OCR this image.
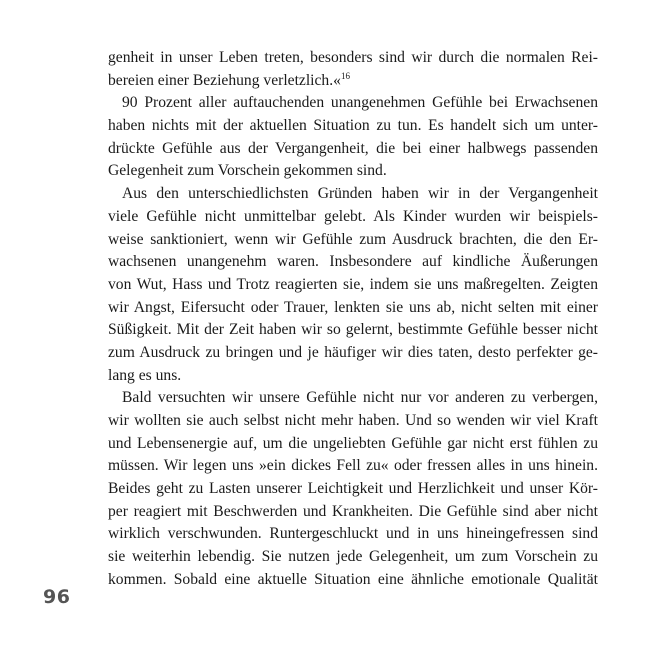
genheit in unser Leben treten, besonders sind wir durch die normalen Rei-
bereien einer Beziehung verletzlich.«$^{16}$
90 Prozent aller auftauchenden unangenehmen Gefühle bei Erwachsenen
haben nichts mit der aktuellen Situation zu tun. Es handelt sich um unter-
drückte Gefühle aus der Vergangenheit, die bei einer halbwegs passenden
Gelegenheit zum Vorschein gekommen sind.
Aus den unterschiedlichsten Gründen haben wir in der Vergangenheit
viele Gefühle nicht unmittelbar gelebt. Als Kinder wurden wir beispiels-
weise sanktioniert, wenn wir Gefühle zum Ausdruck brachten, die den Er-
wachsenen unangenehm waren. Insbesondere auf kindliche Äußerungen
von Wut, Hass und Trotz reagierten sie, indem sie uns maßregelten. Zeigten
wir Angst, Eifersucht oder Trauer, lenkten sie uns ab, nicht selten mit einer
Süßigkeit. Mit der Zeit haben wir so gelernt, bestimmte Gefühle besser nicht
zum Ausdruck zu bringen und je häufiger wir dies taten, desto perfekter ge-
lang es uns.
Bald versuchten wir unsere Gefühle nicht nur vor anderen zu verbergen,
wir wollten sie auch selbst nicht mehr haben. Und so wenden wir viel Kraft
und Lebensenergie auf, um die ungeliebten Gefühle gar nicht erst fühlen zu
müssen. Wir legen uns »ein dickes Fell zu« oder fressen alles in uns hinein.
Beides geht zu Lasten unserer Leichtigkeit und Herzlichkeit und unser Kör-
per reagiert mit Beschwerden und Krankheiten. Die Gefühle sind aber nicht
wirklich verschwunden. Runtergeschluckt und in uns hineingefressen sind
sie weiterhin lebendig. Sie nutzen jede Gelegenheit, um zum Vorschein zu
kommen. Sobald eine aktuelle Situation eine ähnliche emotionale Qualität
96
